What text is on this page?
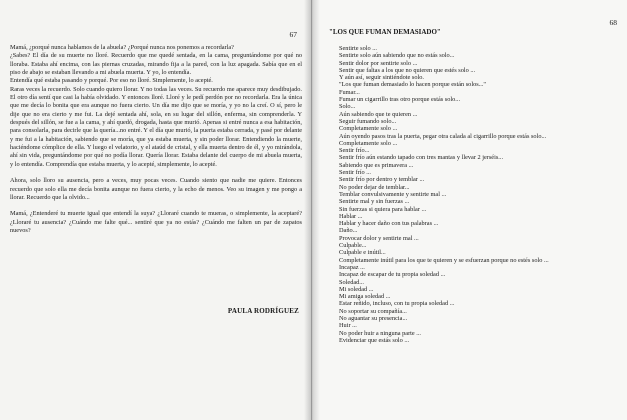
67

Mamá, ¿porqué nunca hablamos de la abuela? ¿Porqué nunca nos ponemos a recordarla?

¿Sabes? El día de su muerte no lloré. Recuerdo que me quedé sentada, en la cama, preguntándome por qué no lloraba. Estaba ahí encima, con las piernas cruzadas, mirando fija a la pared, con la luz apagada. Sabía que en el piso de abajo se estaban llevando a mi abuela muerta. Y yo, lo entendía.

Entendía qué estaba pasando y porqué. Por eso no lloré. Simplemente, lo acepté.

Raras veces la recuerdo. Solo cuando quiero llorar. Y no todas las veces. Su recuerdo me aparece muy desdibujado. El otro día sentí que casi la había olvidado. Y entonces lloré. Lloré y le pedí perdón por no recordarla. Era la única que me decía lo bonita que era aunque no fuera cierto. Un día me dijo que se moría, y yo no la creí. O sí, pero le dije que no era cierto y me fui. La dejé sentada ahí, sola, en su lugar del sillón, enferma, sin comprenderla. Y después del sillón, se fue a la cama, y ahí quedó, drogada, hasta que murió. Apenas si entré nunca a esa habitación, para consolarla, para decirle que la quería...no entré. Y el día que murió, la puerta estaba cerrada, y pasé por delante y me fui a la habitación, sabiendo que se moría, que ya estaba muerta, y sin poder llorar. Entendiendo la muerte, haciéndome cómplice de ella. Y luego el velatorio, y el ataúd de cristal, y ella muerta dentro de él, y yo mirándola, ahí sin vida, preguntándome por qué no podía llorar. Quería llorar. Estaba delante del cuerpo de mi abuela muerta, y lo entendía. Comprendía que estaba muerta, y lo acepté, simplemente, lo acepté.

Ahora, solo lloro su ausencia, pero a veces, muy pocas veces. Cuando siento que nadie me quiere. Entonces recuerdo que solo ella me decía bonita aunque no fuera cierto, y la echo de menos. Veo su imagen y me pongo a llorar. Recuerdo que la olvido...

Mamá, ¿Entenderé tu muerte igual que entendí la suya? ¿Lloraré cuando te mueras, o simplemente, la aceptaré? ¿Lloraré tu ausencia? ¿Cuándo me falte qué... sentiré que ya no estás? ¿Cuándo me falten un par de zapatos nuevos?

PAULA RODRÍGUEZ
68
"LOS QUE FUMAN DEMASIADO"
Sentirte solo ...
Sentirte solo aún sabiendo que no estás solo...
Sentir dolor por sentirte solo ...
Sentir que faltas a los que no quieren que estés solo ...
Y aún así, seguir sintiéndote solo.
"Los que fuman demasiado lo hacen porque están solos..."
Fumar...
Fumar un cigarrillo tras otro porque estás solo...
Solo...
Aún sabiendo que te quieren ...
Seguir fumando solo...
Completamente solo ...
Aún oyendo pasos tras la puerta, pegar otra calada al cigarrillo porque estás solo...
Completamente solo ...
Sentir frío...
Sentir frío aún estando tapado con tres mantas y llevar 2 jerséis...
Sabiendo que es primavera ...
Sentir frío ...
Sentir frío por dentro y temblar ...
No poder dejar de temblar...
Temblar convulsivamente y sentirte mal ...
Sentirte mal y sin fuerzas ...
Sin fuerzas si quiera para hablar ...
Hablar ...
Hablar y hacer daño con tus palabras ...
Daño...
Provocar dolor y sentirte mal ...
Culpable...
Culpable e inútil...
Completamente inútil para los que te quieren y se esfuerzan porque no estés solo ...
Incapaz ...
Incapaz de escapar de tu propia soledad ...
Soledad...
Mi soledad ...
Mi amiga soledad ...
Estar reñido, incluso, con tu propia soledad ...
No soportar su compañía...
No aguantar su presencia...
Huir ...
No poder huir a ninguna parte ...
Evidenciar que estás solo ...
